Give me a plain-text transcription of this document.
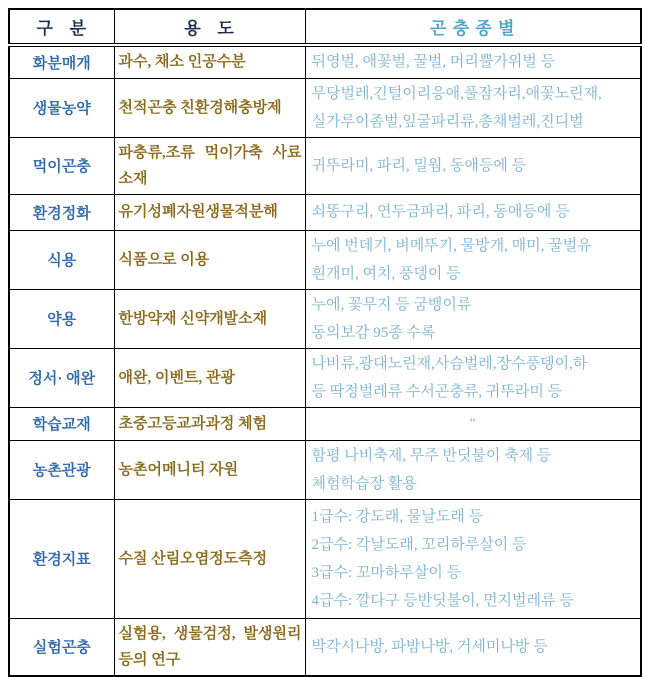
구   분	용   도	곤 충 종 별
화분매개	과수, 채소 인공수분	뒤영벌, 애꽃벌, 꿀벌, 머리뿔가위벌 등

생물농약	천적곤충 친환경해충방제	무당벌레,긴털이리응애,풀잠자리,애꽃노린재,
실가루이좀벌,잎굴파리류,총채벌레,진디벌

먹이곤충	파충류,조류 먹이가축 사료소재	귀뚜라미, 파리, 밀웜, 동애등에 등

환경정화	유기성폐자원생물적분해	쇠똥구리, 연두금파리, 파리, 동애등에 등

식용	식품으로 이용	누에 번데기, 벼메뚜기, 물방개, 매미, 꿀벌유
흰개미, 여치, 풍뎅이 등

약용	한방약재 신약개발소재	누에, 꽃무지 등 굼뱅이류
동의보감 95종 수록

정서· 애완	애완, 이벤트, 관광	나비류,광대노린재,사슴벌레,장수풍뎅이,하
등 딱정벌레류 수서곤충류, 귀뚜라미 등

학습교재	초중고등교과과정 체험	″

농촌관광	농촌어메니티 자원	함평 나비축제, 무주 반딧불이 축제 등
체험학습장 활용

환경지표	수질 산림오염정도측정	1급수: 강도래, 물날도래 등
2급수: 각날도래, 꼬리하루살이 등
3급수: 꼬마하루살이 등
4급수: 깔다구 등반딧불이, 먼지벌레류 등

실험곤충	실험용, 생물검정, 발생원리 등의 연구	박각시나방, 파밤나방, 거세미나방 등
